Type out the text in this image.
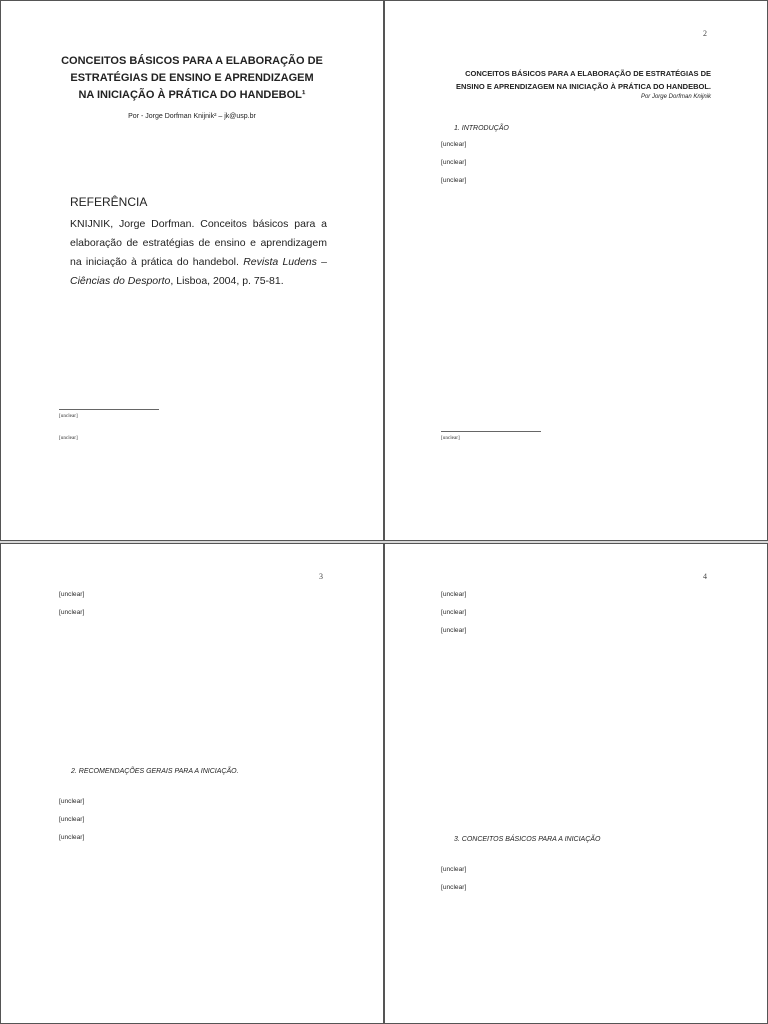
CONCEITOS BÁSICOS PARA A ELABORAÇÃO DE ESTRATÉGIAS DE ENSINO E APRENDIZAGEM NA INICIAÇÃO À PRÁTICA DO HANDEBOL¹
Por - Jorge Dorfman Knijnik² – jk@usp.br
REFERÊNCIA
KNIJNIK, Jorge Dorfman. Conceitos básicos para a elaboração de estratégias de ensino e aprendizagem na iniciação à prática do handebol. Revista Ludens – Ciências do Desporto, Lisboa, 2004, p. 75-81.
[unclear]
[unclear]
2
CONCEITOS BÁSICOS PARA A ELABORAÇÃO DE ESTRATÉGIAS DE ENSINO E APRENDIZAGEM NA INICIAÇÃO À PRÁTICA DO HANDEBOL.
Por Jorge Dorfman Knijnik
1. INTRODUÇÃO
[unclear]
[unclear]
[unclear]
[unclear]
3
[unclear]
[unclear]
2. RECOMENDAÇÕES GERAIS PARA A INICIAÇÃO.
[unclear]
[unclear]
[unclear]
4
[unclear]
[unclear]
[unclear]
3. CONCEITOS BÁSICOS PARA A INICIAÇÃO
[unclear]
[unclear]
